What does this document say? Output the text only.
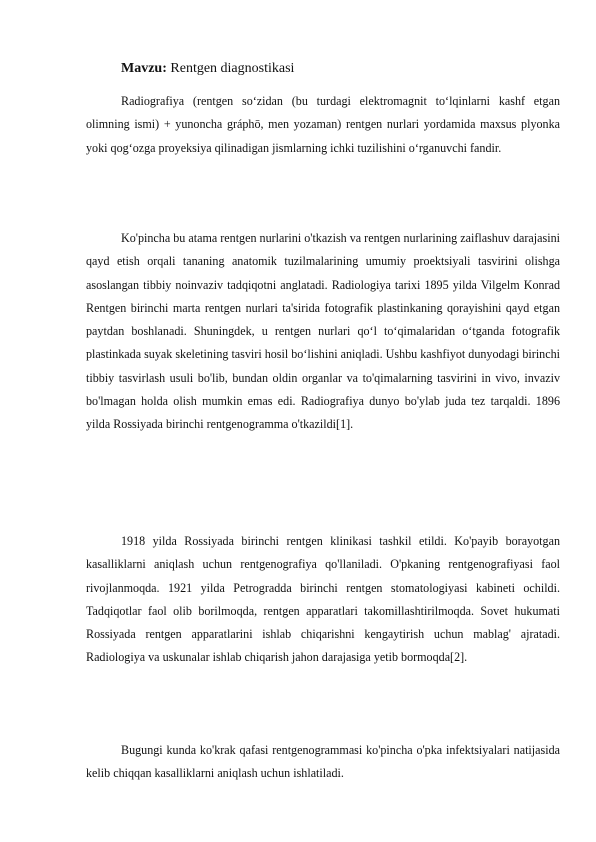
Mavzu: Rentgen diagnostikasi

Radiografiya (rentgen so‘zidan (bu turdagi elektromagnit to‘lqinlarni kashf etgan olimning ismi) + yunoncha gráphō, men yozaman) rentgen nurlari yordamida maxsus plyonka yoki qog‘ozga proyeksiya qilinadigan jismlarning ichki tuzilishini o‘rganuvchi fandir.

Ko'pincha bu atama rentgen nurlarini o'tkazish va rentgen nurlarining zaiflashuv darajasini qayd etish orqali tananing anatomik tuzilmalarining umumiy proektsiyali tasvirini olishga asoslangan tibbiy noinvaziv tadqiqotni anglatadi. Radiologiya tarixi 1895 yilda Vilgelm Konrad Rentgen birinchi marta rentgen nurlari ta'sirida fotografik plastinkaning qorayishini qayd etgan paytdan boshlanadi. Shuningdek, u rentgen nurlari qo‘l to‘qimalaridan o‘tganda fotografik plastinkada suyak skeletining tasviri hosil bo‘lishini aniqladi. Ushbu kashfiyot dunyodagi birinchi tibbiy tasvirlash usuli bo'lib, bundan oldin organlar va to'qimalarning tasvirini in vivo, invaziv bo'lmagan holda olish mumkin emas edi. Radiografiya dunyo bo'ylab juda tez tarqaldi. 1896 yilda Rossiyada birinchi rentgenogramma o'tkazildi[1].

1918 yilda Rossiyada birinchi rentgen klinikasi tashkil etildi. Ko'payib borayotgan kasalliklarni aniqlash uchun rentgenografiya qo'llaniladi. O'pkaning rentgenografiyasi faol rivojlanmoqda. 1921 yilda Petrogradda birinchi rentgen stomatologiyasi kabineti ochildi. Tadqiqotlar faol olib borilmoqda, rentgen apparatlari takomillashtirilmoqda. Sovet hukumati Rossiyada rentgen apparatlarini ishlab chiqarishni kengaytirish uchun mablag' ajratadi. Radiologiya va uskunalar ishlab chiqarish jahon darajasiga yetib bormoqda[2].

Bugungi kunda ko'krak qafasi rentgenogrammasi ko'pincha o'pka infektsiyalari natijasida kelib chiqqan kasalliklarni aniqlash uchun ishlatiladi.
